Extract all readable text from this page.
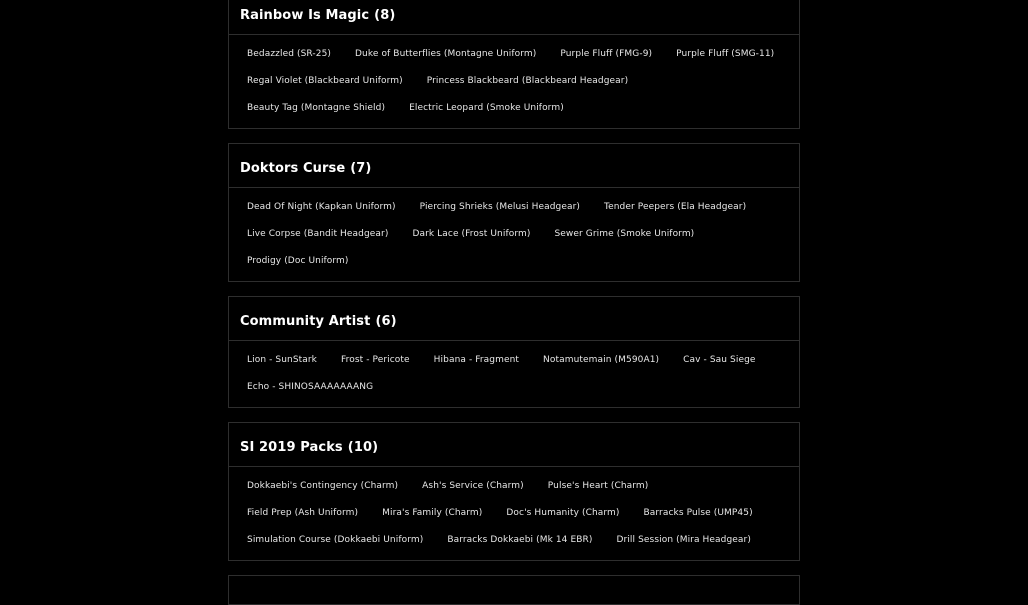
Rainbow Is Magic (8)
Bedazzled (SR-25)	Duke of Butterflies (Montagne Uniform)	Purple Fluff (FMG-9)	Purple Fluff (SMG-11)
Regal Violet (Blackbeard Uniform)	Princess Blackbeard (Blackbeard Headgear)
Beauty Tag (Montagne Shield)	Electric Leopard (Smoke Uniform)
Doktors Curse (7)
Dead Of Night (Kapkan Uniform)	Piercing Shrieks (Melusi Headgear)	Tender Peepers (Ela Headgear)
Live Corpse (Bandit Headgear)	Dark Lace (Frost Uniform)	Sewer Grime (Smoke Uniform)
Prodigy (Doc Uniform)
Community Artist (6)
Lion - SunStark	Frost - Pericote	Hibana - Fragment	Notamutemain (M590A1)	Cav - Sau Siege
Echo - SHINOSAAAAAAANG
SI 2019 Packs (10)
Dokkaebi's Contingency (Charm)	Ash's Service (Charm)	Pulse's Heart (Charm)
Field Prep (Ash Uniform)	Mira's Family (Charm)	Doc's Humanity (Charm)	Barracks Pulse (UMP45)
Simulation Course (Dokkaebi Uniform)	Barracks Dokkaebi (Mk 14 EBR)	Drill Session (Mira Headgear)
